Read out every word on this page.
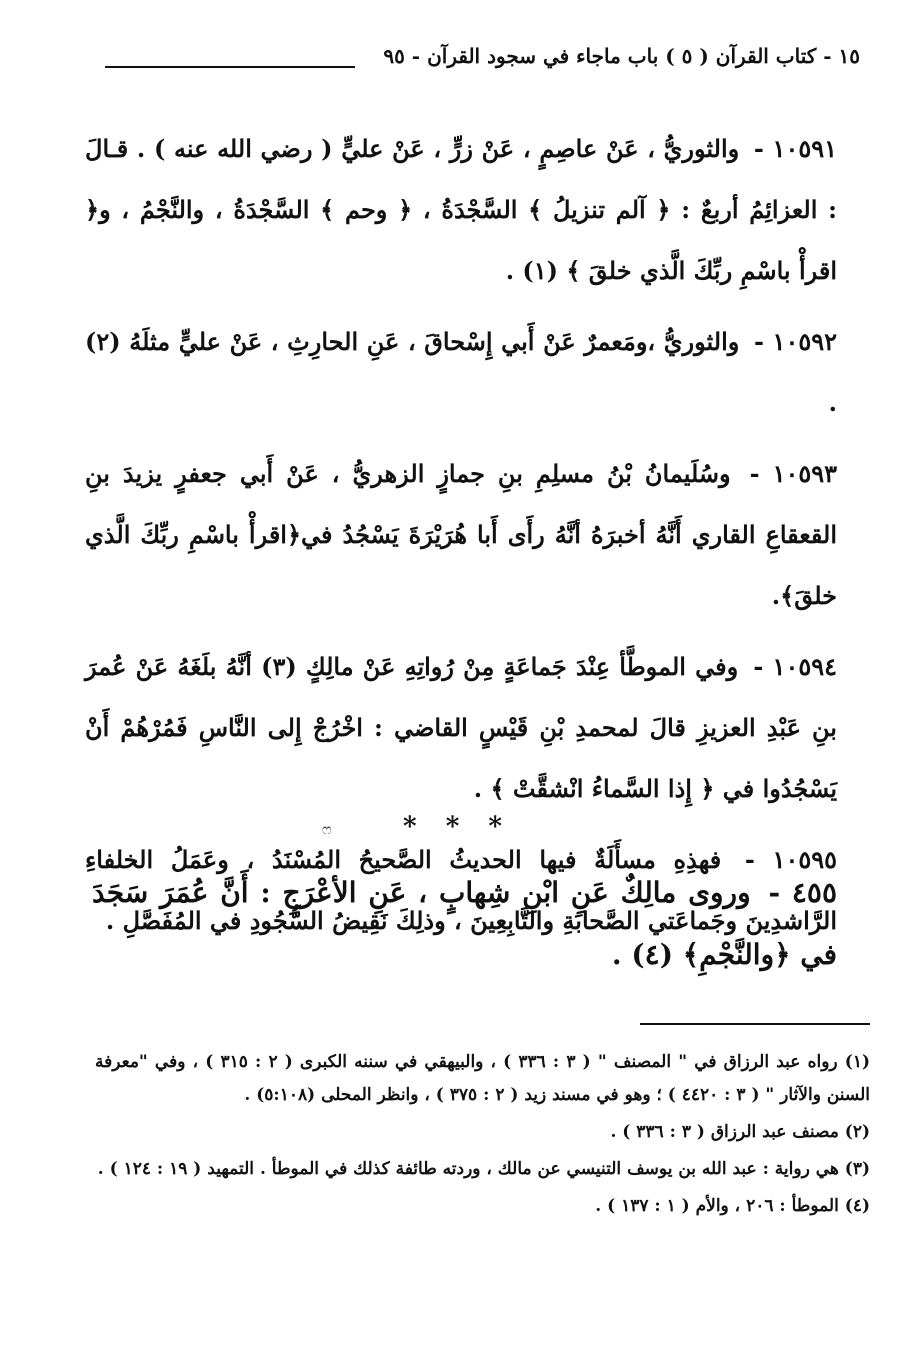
١٥ - كتاب القرآن ( ٥ ) باب ماجاء في سجود القرآن - ٩٥

١٠٥٩١ - والثوريُّ ، عَنْ عاصِمٍ ، عَنْ زرٍّ ، عَنْ عليٍّ ( رضي الله عنه ) . قـالَ : العزائِمُ أربعٌ : ﴿ آلم تنزيلُ ﴾ السَّجْدَةُ ، ﴿ وحم ﴾ السَّجْدَةُ ، والنَّجْمُ ، و﴿ اقرأْ باسْمِ ربِّكَ الَّذي خلقَ ﴾ (١) .

١٠٥٩٢ - والثوريُّ ،ومَعمرٌ عَنْ أَبي إِسْحاقَ ، عَنِ الحارِثِ ، عَنْ عليٍّ مثلَهُ (٢) .

١٠٥٩٣ - وسُلَيمانُ بْنُ مسلِمِ بنِ جمازٍ الزهريُّ ، عَنْ أَبي جعفرٍ يزيدَ بنِ القعقاعِ القاري أَنَّهُ أخبرَهُ أنَّهُ رأَى أَبا هُرَيْرَةَ يَسْجُدُ في﴿اقرأْ باسْمِ ربِّكَ الَّذي خلقَ﴾.

١٠٥٩٤ - وفي الموطَّأ عِنْدَ جَماعَةٍ مِنْ رُواتِهِ عَنْ مالِكٍ (٣) أنَّهُ بلَغَهُ عَنْ عُمرَ بنِ عَبْدِ العزيزِ قالَ لمحمدِ بْنِ قَيْسٍ القاضي : اخْرُجْ إِلى النَّاسِ فَمُرْهُمْ أَنْ يَسْجُدُوا في ﴿ إِذا السَّماءُ انْشقَّتْ ﴾ .

١٠٥٩٥ - فهذِهِ مسأَلَةٌ فيها الحديثُ الصَّحيحُ المُسْنَدُ ، وعَمَلُ الخلفاءِ الرَّاشدِينَ وجَماعَتي الصَّحابَةِ والتَّابِعِينَ ، وذلِكَ نَقِيضُ السُّجُودِ في المُفَصَّلِ .

* * *
ෆ

٤٥٥ - وروى مالِكٌ عَنِ ابْنِ شِهابٍ ، عَنِ الأعْرَجِ : أَنَّ عُمَرَ سَجَدَ في ﴿والنَّجْمِ﴾ (٤) .

(١) رواه عبد الرزاق في " المصنف " ( ٣ : ٣٣٦ ) ، والبيهقي في سننه الكبرى ( ٢ : ٣١٥ ) ، وفي "معرفة السنن والآثار " ( ٣ : ٤٤٢٠ ) ؛ وهو في مسند زيد ( ٢ : ٣٧٥ ) ، وانظر المحلى (٥:١٠٨) .

(٢) مصنف عبد الرزاق ( ٣ : ٣٣٦ ) .

(٣) هي رواية : عبد الله بن يوسف التنيسي عن مالك ، وردته طائفة كذلك في الموطأ . التمهيد ( ١٩ : ١٢٤ ) .

(٤) الموطأ : ٢٠٦ ، والأم ( ١ : ١٣٧ ) .
